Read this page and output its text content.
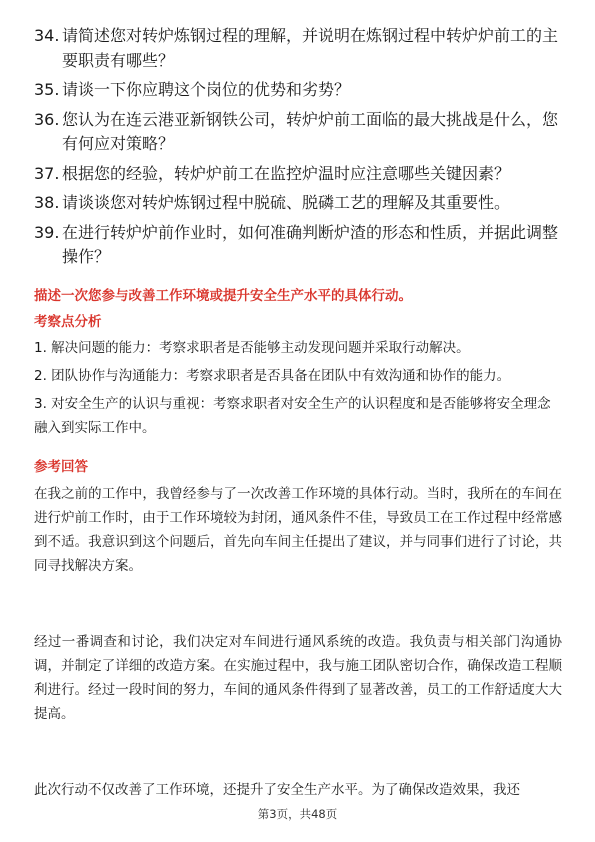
34. 请简述您对转炉炼钢过程的理解，并说明在炼钢过程中转炉炉前工的主要职责有哪些？
35. 请谈一下你应聘这个岗位的优势和劣势？
36. 您认为在连云港亚新钢铁公司，转炉炉前工面临的最大挑战是什么，您有何应对策略？
37. 根据您的经验，转炉炉前工在监控炉温时应注意哪些关键因素？
38. 请谈谈您对转炉炼钢过程中脱硫、脱磷工艺的理解及其重要性。
39. 在进行转炉炉前作业时，如何准确判断炉渣的形态和性质，并据此调整操作？
描述一次您参与改善工作环境或提升安全生产水平的具体行动。
考察点分析
1. 解决问题的能力：考察求职者是否能够主动发现问题并采取行动解决。
2. 团队协作与沟通能力：考察求职者是否具备在团队中有效沟通和协作的能力。
3. 对安全生产的认识与重视：考察求职者对安全生产的认识程度和是否能够将安全理念融入到实际工作中。
参考回答
在我之前的工作中，我曾经参与了一次改善工作环境的具体行动。当时，我所在的车间在进行炉前工作时，由于工作环境较为封闭，通风条件不佳，导致员工在工作过程中经常感到不适。我意识到这个问题后，首先向车间主任提出了建议，并与同事们进行了讨论，共同寻找解决方案。
经过一番调查和讨论，我们决定对车间进行通风系统的改造。我负责与相关部门沟通协调，并制定了详细的改造方案。在实施过程中，我与施工团队密切合作，确保改造工程顺利进行。经过一段时间的努力，车间的通风条件得到了显著改善，员工的工作舒适度大大提高。
此次行动不仅改善了工作环境，还提升了安全生产水平。为了确保改造效果，我还
第3页，共48页
